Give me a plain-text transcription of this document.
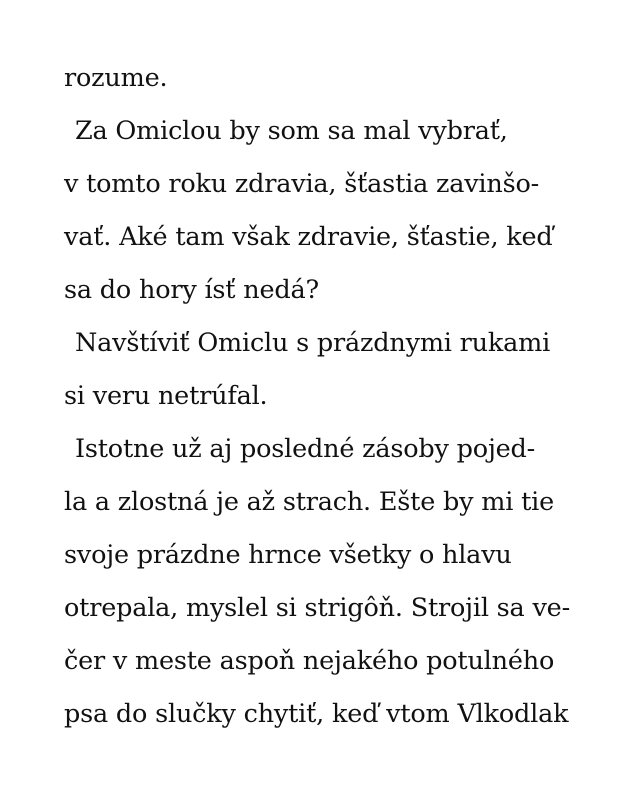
rozume.
Za Omiclou by som sa mal vybrať,
v tomto roku zdravia, šťastia zavinšo-
vať. Aké tam však zdravie, šťastie, keď
sa do hory ísť nedá?
Navštíviť Omiclu s prázdnymi rukami
si veru netrúfal.
Istotne už aj posledné zásoby pojed-
la a zlostná je až strach. Ešte by mi tie
svoje prázdne hrnce všetky o hlavu
otrepala, myslel si strigôň. Strojil sa ve-
čer v meste aspoň nejakého potulného
psa do slučky chytiť, keď vtom Vlkodlak
